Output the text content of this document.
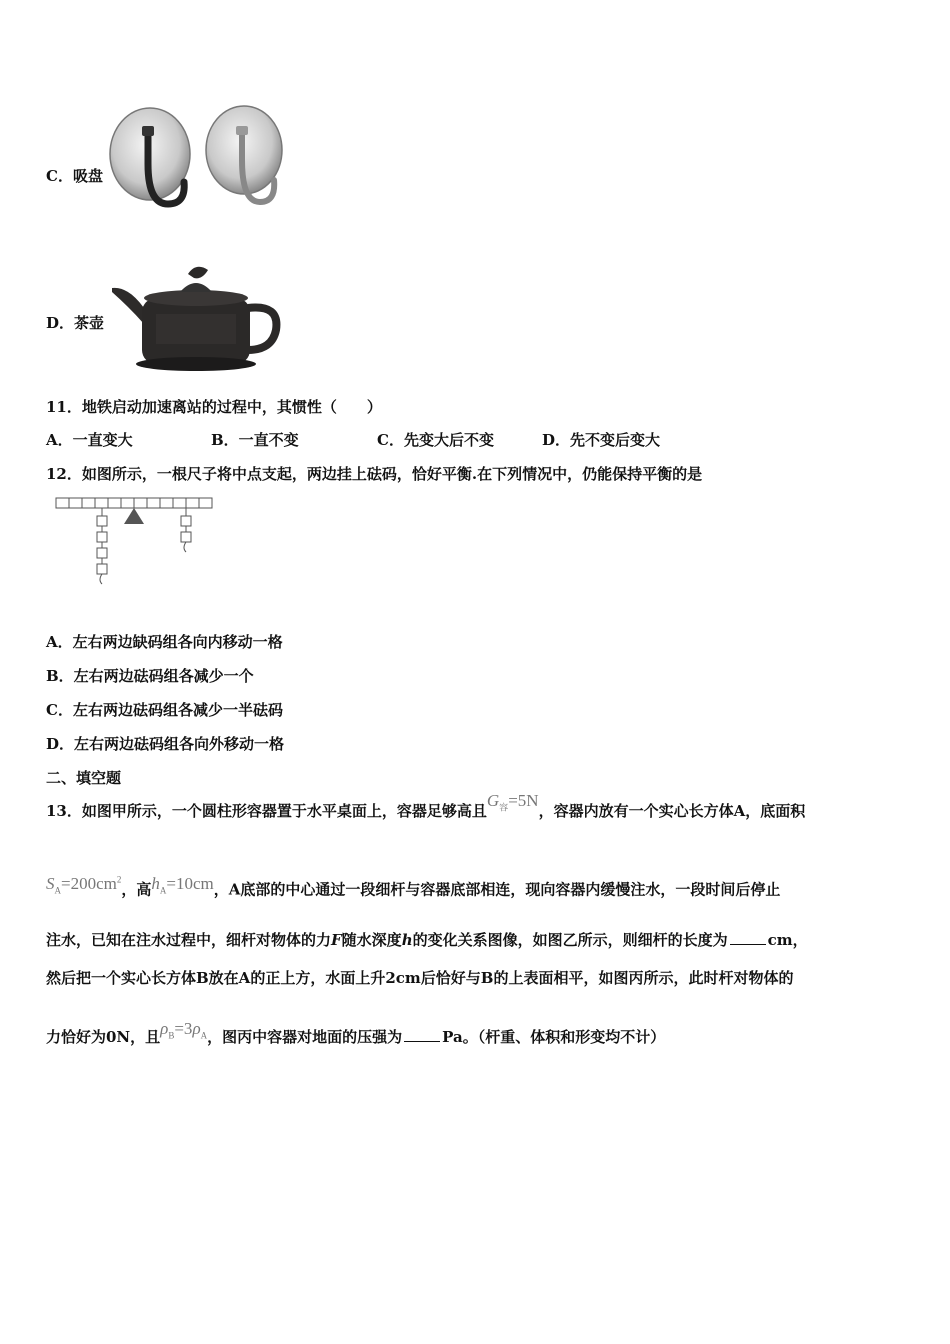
C．吸盘
D．茶壶
11．地铁启动加速离站的过程中，其惯性（　　）
A．一直变大	B．一直不变	C．先变大后不变	D．先不变后变大
12．如图所示，一根尺子将中点支起，两边挂上砝码，恰好平衡.在下列情况中，仍能保持平衡的是
A．左右两边缺码组各向内移动一格
B．左右两边砝码组各减少一个
C．左右两边砝码组各减少一半砝码
D．左右两边砝码组各向外移动一格
二、填空题
13．如图甲所示，一个圆柱形容器置于水平桌面上，容器足够高且$G_容=5N$，容器内放有一个实心长方体A，底面积
$S_A=200cm^2$，高$h_A=10cm$，A底部的中心通过一段细杆与容器底部相连，现向容器内缓慢注水，一段时间后停止
注水，已知在注水过程中，细杆对物体的力F随水深度h的变化关系图像，如图乙所示，则细杆的长度为	cm，
然后把一个实心长方体B放在A的正上方，水面上升2cm后恰好与B的上表面相平，如图丙所示，此时杆对物体的
力恰好为0N，且$\rho_B=3\rho_A$，图丙中容器对地面的压强为	Pa。（杆重、体积和形变均不计）
